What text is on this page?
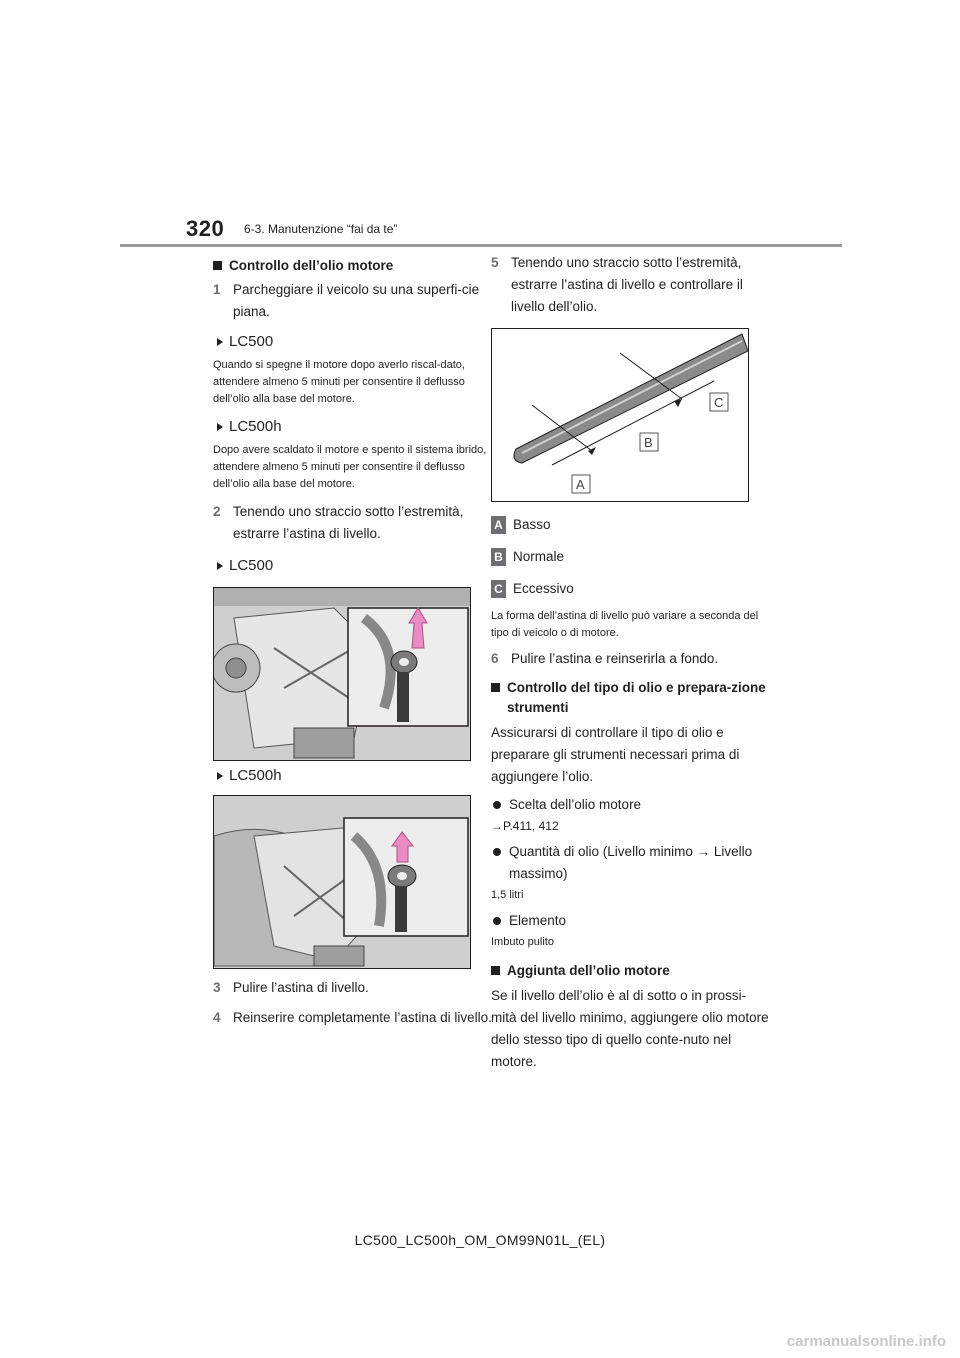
320 6-3. Manutenzione “fai da te”
Controllo dell’olio motore
1 Parcheggiare il veicolo su una superfi-cie piana.
LC500
Quando si spegne il motore dopo averlo riscal-dato, attendere almeno 5 minuti per consentire il deflusso dell’olio alla base del motore.
LC500h
Dopo avere scaldato il motore e spento il sistema ibrido, attendere almeno 5 minuti per consentire il deflusso dell’olio alla base del motore.
2 Tenendo uno straccio sotto l’estremità, estrarre l’astina di livello.
LC500
LC500h
3 Pulire l’astina di livello.
4 Reinserire completamente l’astina di livello.
5 Tenendo uno straccio sotto l’estremità, estrarre l’astina di livello e controllare il livello dell’olio.
C
B
A
A Basso
B Normale
C Eccessivo
La forma dell’astina di livello può variare a seconda del tipo di veicolo o di motore.
6 Pulire l’astina e reinserirla a fondo.
Controllo del tipo di olio e prepara-zione strumenti
Assicurarsi di controllare il tipo di olio e preparare gli strumenti necessari prima di aggiungere l’olio.
Scelta dell’olio motore
→P.411, 412
Quantità di olio (Livello minimo → Livello massimo)
1,5 litri
Elemento
Imbuto pulito
Aggiunta dell’olio motore
Se il livello dell’olio è al di sotto o in prossi-mità del livello minimo, aggiungere olio motore dello stesso tipo di quello conte-nuto nel motore.
LC500_LC500h_OM_OM99N01L_(EL)
carmanualsonline.info
